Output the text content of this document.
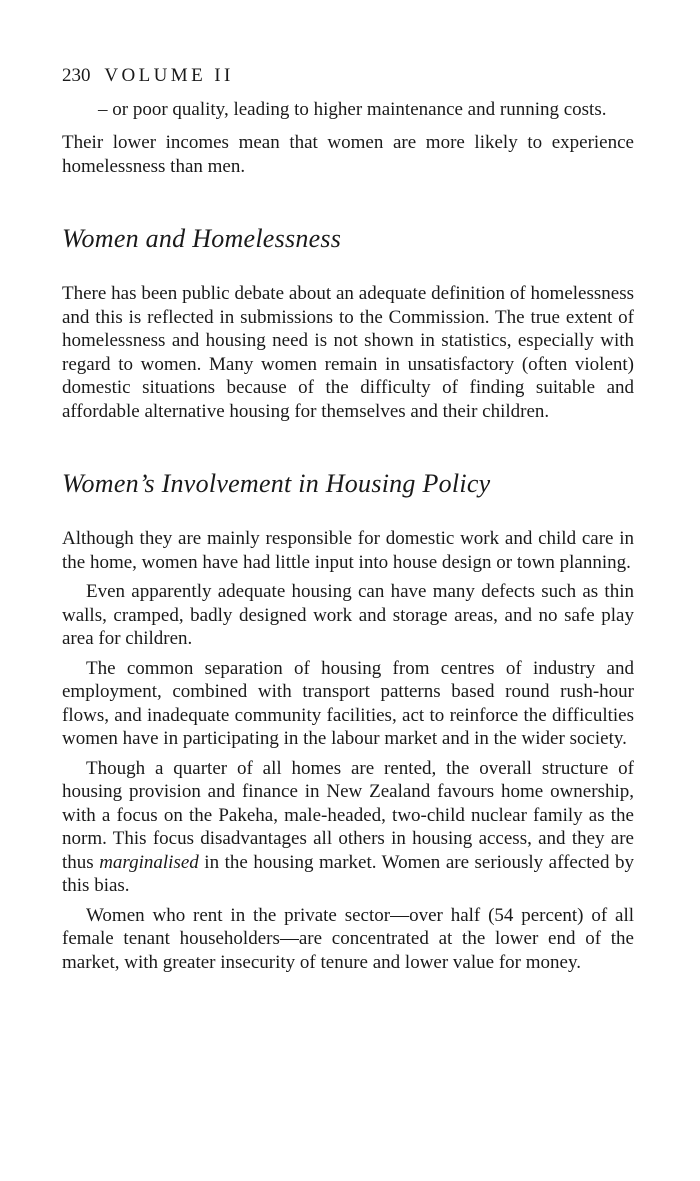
230 VOLUME II
– or poor quality, leading to higher maintenance and running costs.

Their lower incomes mean that women are more likely to experience homelessness than men.

Women and Homelessness

There has been public debate about an adequate definition of homelessness and this is reflected in submissions to the Commission. The true extent of homelessness and housing need is not shown in statistics, especially with regard to women. Many women remain in unsatisfactory (often violent) domestic situations because of the difficulty of finding suitable and affordable alternative housing for themselves and their children.

Women’s Involvement in Housing Policy

Although they are mainly responsible for domestic work and child care in the home, women have had little input into house design or town planning.

Even apparently adequate housing can have many defects such as thin walls, cramped, badly designed work and storage areas, and no safe play area for children.

The common separation of housing from centres of industry and employment, combined with transport patterns based round rush-hour flows, and inadequate community facilities, act to reinforce the difficulties women have in participating in the labour market and in the wider society.

Though a quarter of all homes are rented, the overall structure of housing provision and finance in New Zealand favours home ownership, with a focus on the Pakeha, male-headed, two-child nuclear family as the norm. This focus disadvantages all others in housing access, and they are thus marginalised in the housing market. Women are seriously affected by this bias.

Women who rent in the private sector—over half (54 percent) of all female tenant householders—are concentrated at the lower end of the market, with greater insecurity of tenure and lower value for money.
